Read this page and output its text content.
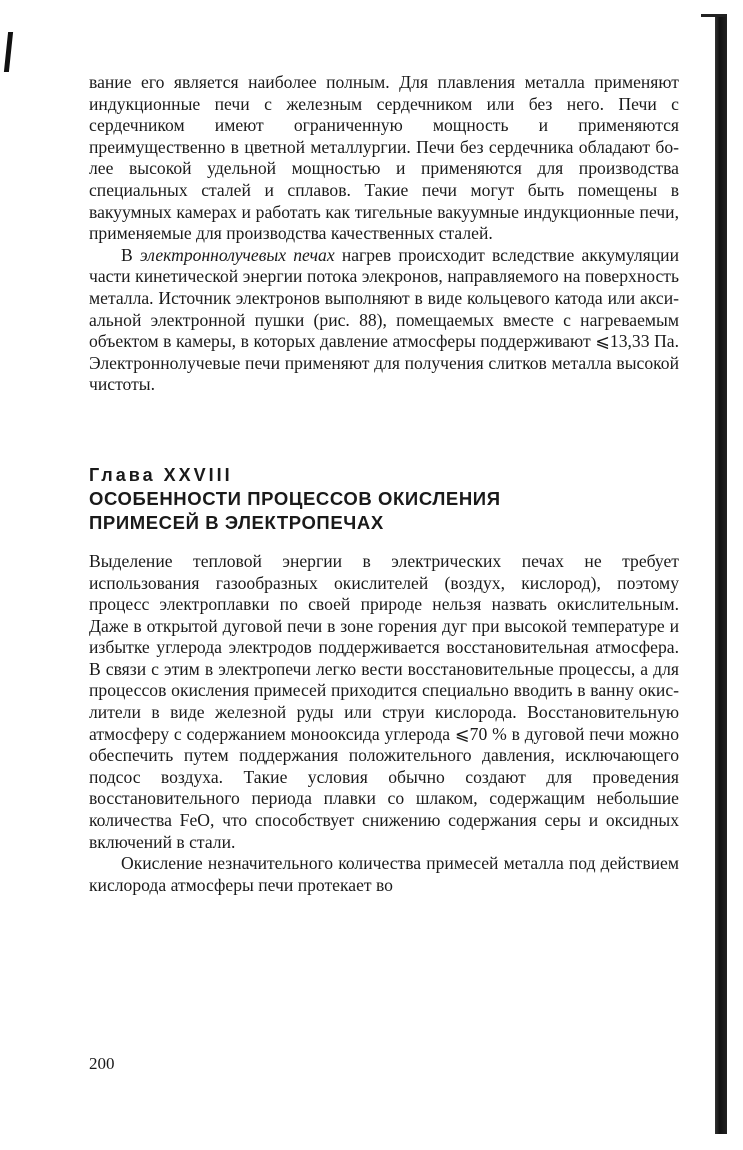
вание его является наиболее полным. Для плавления металла применяют индукционные печи с железным сердечником или без него. Печи с сердечником имеют ограниченную мощность и применяются преимущественно в цветной металлургии. Печи без сердечника обладают более высокой удельной мощностью и применяются для производства специальных сталей и сплавов. Такие печи могут быть помещены в вакуумных камерах и работать как тигельные вакуумные индукционные печи, применяемые для производства качественных сталей.

В электроннолучевых печах нагрев происходит вследствие аккумуляции части кинетической энергии потока элекронов, направляемого на поверхность металла. Источник электронов выполняют в виде кольцевого катода или аксиальной электронной пушки (рис. 88), помещаемых вместе с нагреваемым объектом в камеры, в которых давление атмосферы поддерживают ⩽13,33 Па. Электроннолучевые печи применяют для получения слитков металла высокой чистоты.

Глава XXVIII
ОСОБЕННОСТИ ПРОЦЕССОВ ОКИСЛЕНИЯ
ПРИМЕСЕЙ В ЭЛЕКТРОПЕЧАХ

Выделение тепловой энергии в электрических печах не требует использования газообразных окислителей (воздух, кислород), поэтому процесс электроплавки по своей природе нельзя назвать окислительным. Даже в открытой дуговой печи в зоне горения дуг при высокой температуре и избытке углерода электродов поддерживается восстановительная атмосфера. В связи с этим в электропечи легко вести восстановительные процессы, а для процессов окисления примесей приходится специально вводить в ванну окислители в виде железной руды или струи кислородa. Восстановительную атмосферу с содержанием монооксида углерода ⩽70 % в дуговой печи можно обеспечить путем поддержания положительного давления, исключающего подсос воздуха. Такие условия обычно создают для проведения восстановительного периода плавки со шлаком, содержащим небольшие количества FeO, что способствует снижению содержания серы и оксидных включений в стали.

Окисление незначительного количества примесей металла под действием кислорода атмосферы печи протекает во

200
